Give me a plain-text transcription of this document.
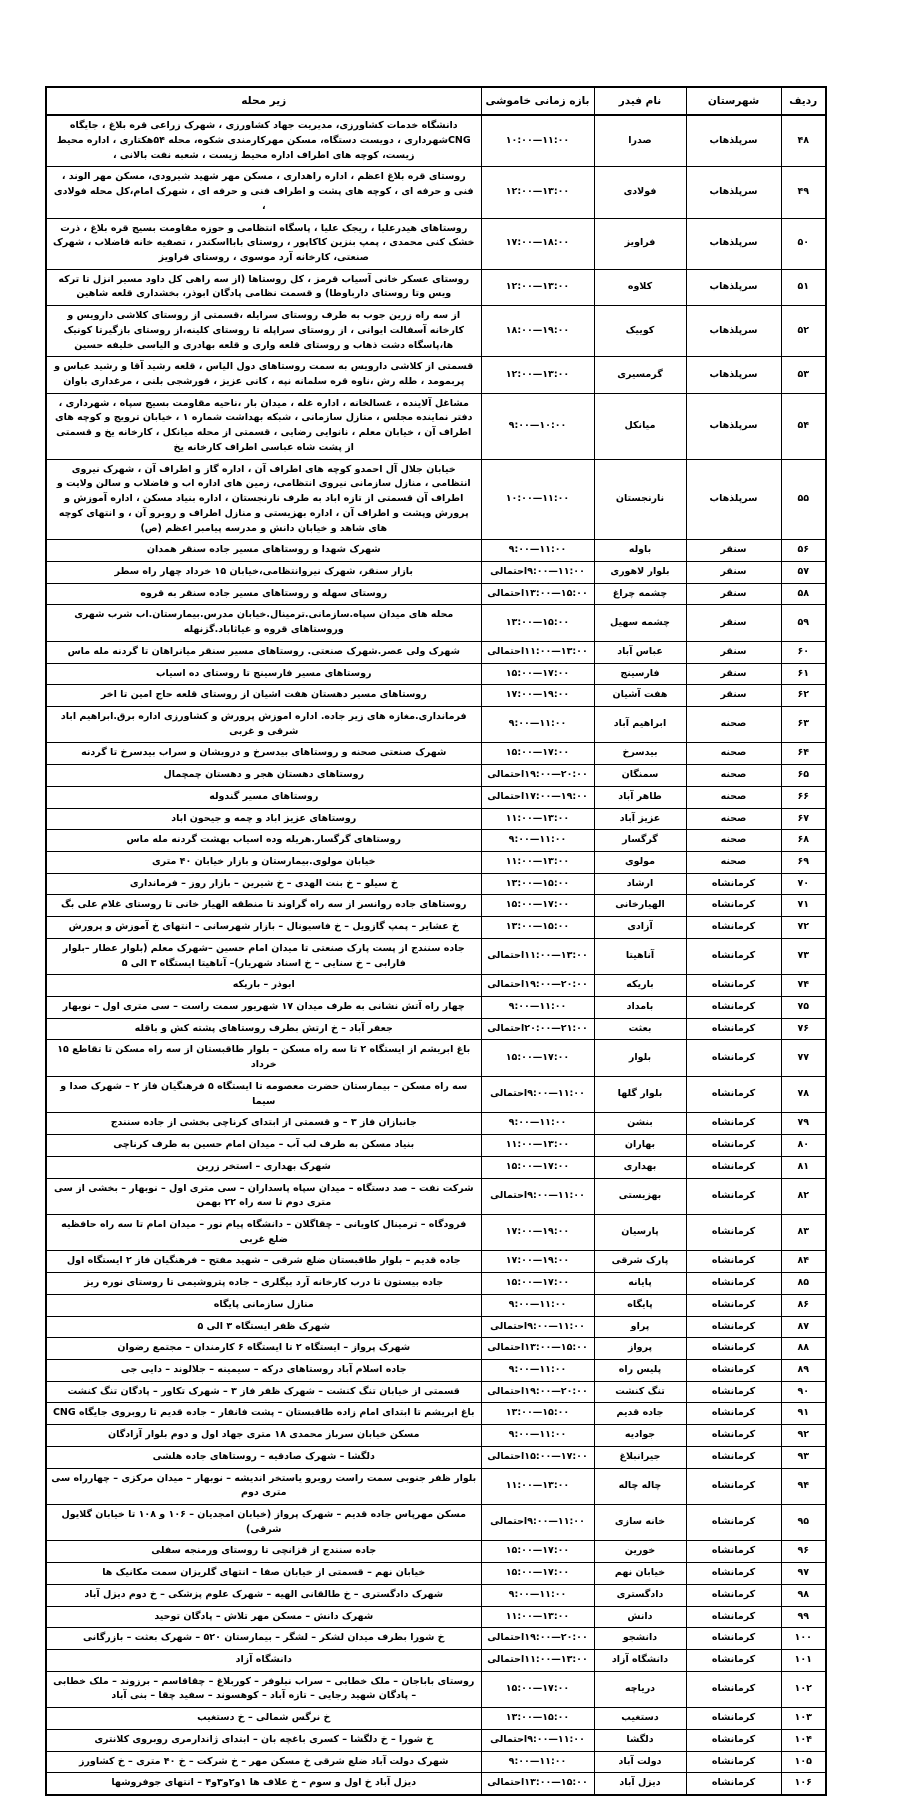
ردیف	شهرستان	نام فیدر	بازه زمانی خاموشی	زیر محله
۴۸	سرپلذهاب	صدرا	۱۰:۰۰—۱۱:۰۰	دانشگاه خدمات کشاورزی، مدیریت جهاد کشاورزی ، شهرک زراعی قره بلاغ ، جایگاه CNGشهرداری ، دویست دستگاه، مسکن مهرکارمندی شکوه، محله ۵۴هکتاری ، اداره محیط زیست، کوچه های اطراف اداره محیط زیست ، شعبه نفت بالانی ،
۴۹	سرپلذهاب	فولادی	۱۲:۰۰—۱۳:۰۰	روستای قره بلاغ اعظم ، اداره راهداری ، مسکن مهر شهید شیرودی، مسکن مهر الوند ، فنی و حرفه ای ، کوچه های پشت و اطراف فنی و حرفه ای ، شهرک امام،کل محله فولادی ،
۵۰	سرپلذهاب	فراویز	۱۷:۰۰—۱۸:۰۰	روستاهای هیدرعلیا ، ریجک علیا ، پاسگاه انتظامی و حوزه مقاومت بسیج قره بلاغ ، ذرت خشک کنی محمدی ، پمپ بنزین کاکاپور ، روستای بابااسکندر ، تصفیه خانه فاضلاب ، شهرک صنعتی، کارخانه آرد موسوی ، روستای فراویز
۵۱	سرپلذهاب	کلاوه	۱۲:۰۰—۱۳:۰۰	روستای عسکر خانی آسیاب قرمز ، کل روستاها (از سه راهی کل داود مسیر انزل تا ترکه ویس وتا روستای دارباوطا) و قسمت نظامی پادگان ابوذر، بخشداری قلعه شاهین
۵۲	سرپلذهاب	کوییک	۱۸:۰۰—۱۹:۰۰	از سه راه زرین جوب به طرف روستای سرایله ،قسمتی از روستای کلاشی دارویس و کارخانه آسفالت ایوانی ، از روستای سراپله تا روستای کلینه،از روستای بازگیرتا کونیک ها،پاسگاه دشت ذهاب و روستای قلعه واری و قلعه بهادری و الیاسی خلیفه حسین
۵۳	سرپلذهاب	گرمسیری	۱۲:۰۰—۱۳:۰۰	قسمتی از کلاشی دارویس به سمت روستاهای دول الیاس ، قلعه رشید آقا و رشید عباس و پربمومد ، طله رش ،ناوه قره سلمانه نپه ، کانی عزیز ، قورشجی بلنی ، مرغداری باوان
۵۴	سرپلذهاب	میانکل	۹:۰۰—۱۰:۰۰	مشاغل آلاینده ، غسالخانه ، اداره غله ، میدان بار ،ناحیه مقاومت بسیج سپاه ، شهرداری ، دفتر نماینده مجلس ، منازل سازمانی ، شبکه بهداشت شماره ۱ ، خیابان ترویج و کوچه های اطراف آن ، خیابان معلم ، نانوایی رضایی ، قسمتی از محله میانکل ، کارخانه یخ و قسمتی از پشت شاه عباسی اطراف کارخانه یخ
۵۵	سرپلذهاب	نارنجستان	۱۰:۰۰—۱۱:۰۰	خیابان جلال آل احمدو کوچه های اطراف آن ، اداره گاز و اطراف آن ، شهرک نیروی انتظامی ، منازل سازمانی نیروی انتظامی، زمین های اداره اب و فاضلاب و سالن ولایت و اطراف آن قسمتی از تازه اباد به طرف نارنجستان ، اداره بنیاد مسکن ، اداره آموزش و پرورش وپشت و اطراف آن ، اداره بهزیستی و منازل اطراف و روبرو آن ، و انتهای کوچه های شاهد و خیابان دانش و مدرسه پیامبر اعظم (ص)
۵۶	سنقر	باوله	۹:۰۰—۱۱:۰۰	شهرک شهدا و روستاهای مسیر جاده سنقر همدان
۵۷	سنقر	بلوار لاهوری	۹:۰۰—۱۱:۰۰احتمالی	بازار سنقر، شهرک نیروانتظامی،خیابان ۱۵ خرداد چهار راه سطر
۵۸	سنقر	چشمه چراغ	۱۳:۰۰—۱۵:۰۰احتمالی	روستای سهله و روستاهای مسیر جاده سنقر به قروه
۵۹	سنقر	چشمه سهیل	۱۳:۰۰—۱۵:۰۰	محله های میدان سپاه.سازمانی.ترمینال.خیابان مدرس.بیمارستان.اب شرب شهری وروستاهای قروه و غیاثاباد.گزنهله
۶۰	سنقر	عباس آباد	۱۱:۰۰—۱۳:۰۰احتمالی	شهرک ولی عصر.شهرک صنعتی. روستاهای مسیر سنقر میانراهان تا گردنه مله ماس
۶۱	سنقر	فارسینج	۱۵:۰۰—۱۷:۰۰	روستاهای مسیر فارسینج تا روستای ده اسیاب
۶۲	سنقر	هفت آشیان	۱۷:۰۰—۱۹:۰۰	روستاهای مسیر دهستان هفت اشیان از روستای قلعه حاج امین تا اخر
۶۳	صحنه	ابراهیم آباد	۹:۰۰—۱۱:۰۰	فرمانداری.مغازه های زیر جاده. اداره اموزش پرورش و کشاورزی اداره برق.ابراهیم اباد شرقی و غربی
۶۴	صحنه	بیدسرخ	۱۵:۰۰—۱۷:۰۰	شهرک صنعتی صحنه و روستاهای بیدسرخ و درویشان و سراب بیدسرخ تا گردنه
۶۵	صحنه	سمنگان	۱۹:۰۰—۲۰:۰۰احتمالی	روستاهای دهستان هجر و دهستان چمچمال
۶۶	صحنه	طاهر آباد	۱۷:۰۰—۱۹:۰۰احتمالی	روستاهای مسیر گندوله
۶۷	صحنه	عزیز آباد	۱۱:۰۰—۱۳:۰۰	روستاهای عزیز اباد و چمه و جیحون اباد
۶۸	صحنه	گرگسار	۹:۰۰—۱۱:۰۰	روستاهای گرگسار.هریله وده اسیاب بهشت گردنه مله ماس
۶۹	صحنه	مولوی	۱۱:۰۰—۱۳:۰۰	خیابان مولوی.بیمارستان و بازار خیابان ۴۰ متری
۷۰	کرمانشاه	ارشاد	۱۳:۰۰—۱۵:۰۰	خ سیلو – خ بنت الهدی – خ شیرین – بازار روز – فرمانداری
۷۱	کرمانشاه	الهیارخانی	۱۵:۰۰—۱۷:۰۰	روستاهای جاده روانسر از سه راه گراوند تا منطقه الهیار خانی تا روستای غلام علی بگ
۷۲	کرمانشاه	آزادی	۱۳:۰۰—۱۵:۰۰	خ عشایر – پمپ گازویل – خ فاسیونال – بازار شهرسانی – انتهای خ آموزش و پرورش
۷۳	کرمانشاه	آناهیتا	۱۱:۰۰—۱۳:۰۰احتمالی	جاده سنندج از پست پارک صنعتی تا میدان امام حسین –شهرک معلم (بلوار عطار –بلوار فارابی – خ سنایی – خ اسناد شهریار)– آناهیتا ایستگاه ۳ الی ۵
۷۴	کرمانشاه	باریکه	۱۹:۰۰—۲۰:۰۰احتمالی	ابوذر – باریکه
۷۵	کرمانشاه	بامداد	۹:۰۰—۱۱:۰۰	چهار راه آتش نشانی به طرف میدان ۱۷ شهریور سمت راست – سی متری اول – نوبهار
۷۶	کرمانشاه	بعثت	۲۰:۰۰—۲۱:۰۰احتمالی	جعفر آباد – خ ارتش بطرف روستاهای پشته کش و باقله
۷۷	کرمانشاه	بلوار	۱۵:۰۰—۱۷:۰۰	باغ ابریشم از ایستگاه ۲ تا سه راه مسکن – بلوار طاقبستان از سه راه مسکن تا تقاطع ۱۵ خرداد
۷۸	کرمانشاه	بلوار گلها	۹:۰۰—۱۱:۰۰احتمالی	سه راه مسکن – بیمارستان حضرت معصومه تا ایستگاه ۵ فرهنگیان فاز ۲ – شهرک صدا و سیما
۷۹	کرمانشاه	بنشن	۹:۰۰—۱۱:۰۰	جانبازان فاز ۳ – و قسمتی از ابتدای کرناچی بخشی از جاده سنندج
۸۰	کرمانشاه	بهاران	۱۱:۰۰—۱۳:۰۰	بنیاد مسکن به طرف لب آب – میدان امام حسین به طرف کرناچی
۸۱	کرمانشاه	بهداری	۱۵:۰۰—۱۷:۰۰	شهرک بهداری – استخر زرین
۸۲	کرمانشاه	بهزیستی	۹:۰۰—۱۱:۰۰احتمالی	شرکت نفت – صد دستگاه – میدان سپاه پاسداران – سی متری اول – نوبهار – بخشی از سی متری دوم تا سه راه ۲۲ بهمن
۸۳	کرمانشاه	پارسیان	۱۷:۰۰—۱۹:۰۰	فرودگاه – ترمینال کاویانی – چقاگلان – دانشگاه پیام نور – میدان امام تا سه راه حافظیه ضلع غربی
۸۴	کرمانشاه	پارک شرقی	۱۷:۰۰—۱۹:۰۰	جاده قدیم – بلوار طاقبستان ضلع شرقی – شهید مفتح – فرهنگیان فاز ۲ ایستگاه اول
۸۵	کرمانشاه	پایانه	۱۵:۰۰—۱۷:۰۰	جاده بیستون تا درب کارخانه آرد بیگلری – جاده پتروشیمی تا روستای نوره ریز
۸۶	کرمانشاه	پایگاه	۹:۰۰—۱۱:۰۰	منازل سازمانی پایگاه
۸۷	کرمانشاه	پراو	۹:۰۰—۱۱:۰۰احتمالی	شهرک ظفر ایستگاه ۳ الی ۵
۸۸	کرمانشاه	پرواز	۱۳:۰۰—۱۵:۰۰احتمالی	شهرک پرواز – ایستگاه ۲ تا ایستگاه ۶ کارمندان – مجتمع رضوان
۸۹	کرمانشاه	پلیس راه	۹:۰۰—۱۱:۰۰	جاده اسلام آباد روستاهای درکه – سیمینه – جلالوند – دایی جی
۹۰	کرمانشاه	تنگ کنشت	۱۹:۰۰—۲۰:۰۰احتمالی	قسمتی از خیابان تنگ کنشت – شهرک ظفر فاز ۳ – شهرک تکاور – پادگان تنگ کنشت
۹۱	کرمانشاه	جاده قدیم	۱۳:۰۰—۱۵:۰۰	باغ ابریشم تا ابتدای امام زاده طاقبستان – پشت فانفار – جاده قدیم تا روبروی جایگاه CNG
۹۲	کرمانشاه	جوادیه	۹:۰۰—۱۱:۰۰	مسکن خیابان سرباز محمدی ۱۸ متری جهاد اول و دوم بلوار آزادگان
۹۳	کرمانشاه	جیرانبلاغ	۱۵:۰۰—۱۷:۰۰احتمالی	دلگشا – شهرک صادقیه – روستاهای جاده هلشی
۹۴	کرمانشاه	چاله چاله	۱۱:۰۰—۱۳:۰۰	بلوار ظفر جنوبی سمت راست روبرو یاستخر اندیشه – نوبهار – میدان مرکزی – چهارراه سی متری دوم
۹۵	کرمانشاه	خانه سازی	۹:۰۰—۱۱:۰۰احتمالی	مسکن مهرپاس جاده قدیم – شهرک پرواز (خیابان امجدیان – ۱۰۶ و ۱۰۸ تا خیابان گلایول شرقی)
۹۶	کرمانشاه	خورین	۱۵:۰۰—۱۷:۰۰	جاده سنندج از قزانچی تا روستای ورمنجه سفلی
۹۷	کرمانشاه	خیابان نهم	۱۵:۰۰—۱۷:۰۰	خیابان نهم – قسمتی از خیابان صفا – انتهای گلریزان سمت مکانیک ها
۹۸	کرمانشاه	دادگستری	۹:۰۰—۱۱:۰۰	شهرک دادگستری – خ طالقانی الهیه – شهرک علوم پزشکی – خ دوم دیزل آباد
۹۹	کرمانشاه	دانش	۱۱:۰۰—۱۳:۰۰	شهرک دانش – مسکن مهر تلاش – پادگان توحید
۱۰۰	کرمانشاه	دانشجو	۱۹:۰۰—۲۰:۰۰احتمالی	خ شورا بطرف میدان لشکر – لشگر – بیمارستان ۵۲۰ – شهرک بعثت – بازرگانی
۱۰۱	کرمانشاه	دانشگاه آزاد	۱۱:۰۰—۱۳:۰۰احتمالی	دانشگاه آزاد
۱۰۲	کرمانشاه	دریاچه	۱۵:۰۰—۱۷:۰۰	روستای باباجان – ملک خطابی – سراب نیلوفر – کوربلاغ – چقاقاسم – برزوند – ملک خطابی – پادگان شهید رجایی – تازه آباد – کوهسوند – سفید چقا – بنی آباد
۱۰۳	کرمانشاه	دستغیب	۱۳:۰۰—۱۵:۰۰	خ نرگس شمالی – خ دستغیب
۱۰۴	کرمانشاه	دلگشا	۹:۰۰—۱۱:۰۰احتمالی	خ شورا – خ دلگشا – کسری باغچه بان – ابتدای ژاندارمری روبروی کلانتری
۱۰۵	کرمانشاه	دولت آباد	۹:۰۰—۱۱:۰۰	شهرک دولت آباد ضلع شرقی خ مسکن مهر – خ شرکت – خ ۴۰ متری – خ کشاورز
۱۰۶	کرمانشاه	دیزل آباد	۱۳:۰۰—۱۵:۰۰احتمالی	دیزل آباد خ اول و سوم – خ علاف ها ۱و۲و۳و۴ – انتهای جوفروشها
